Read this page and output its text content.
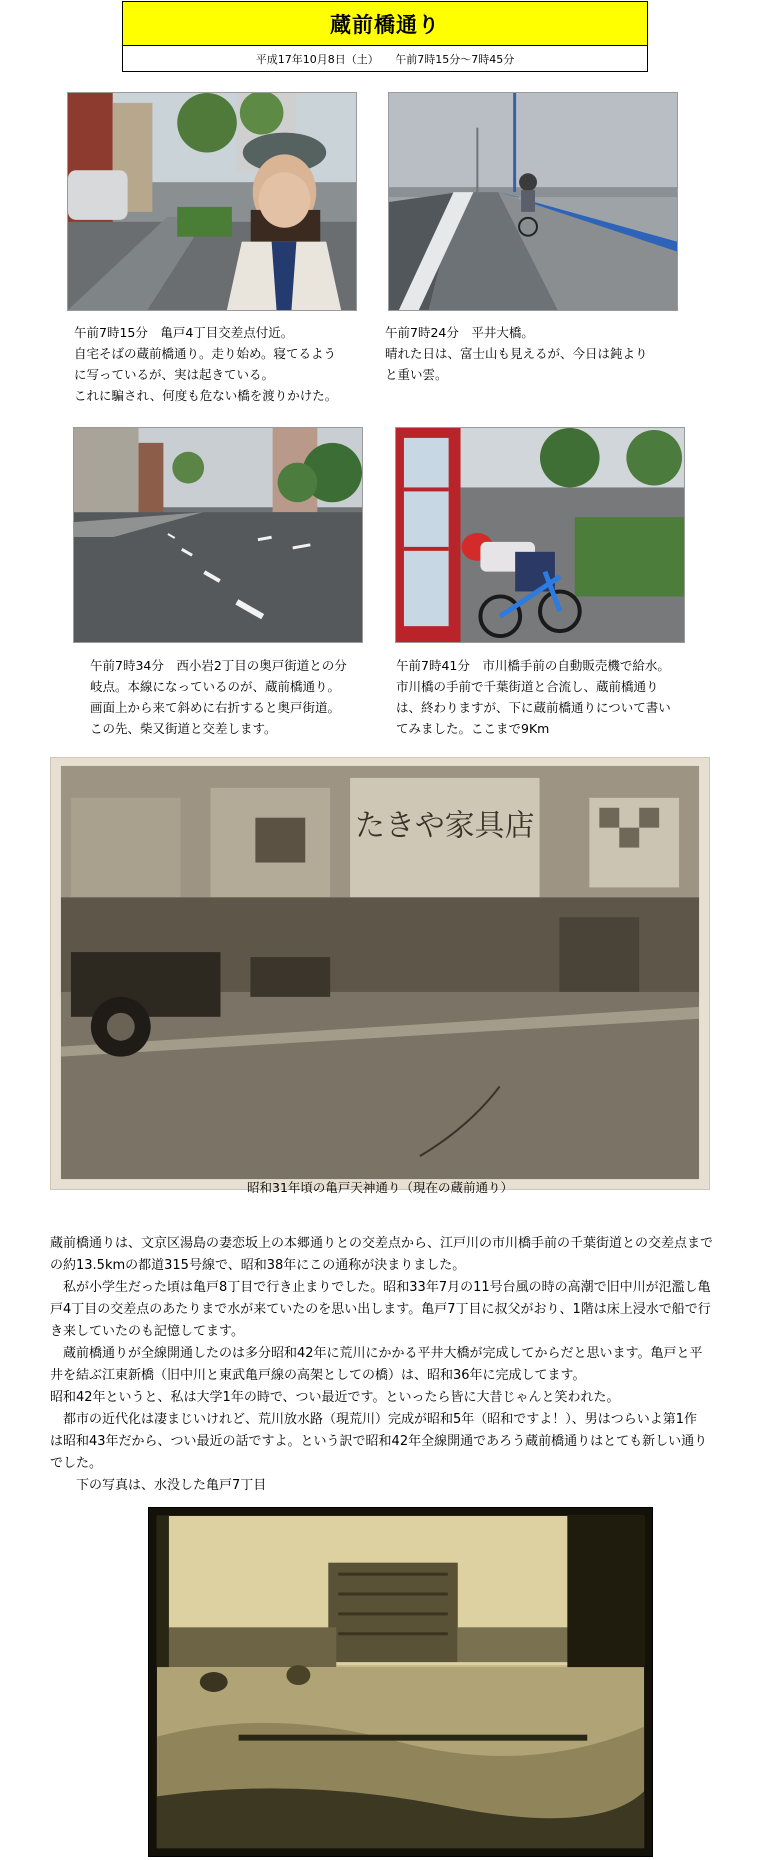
蔵前橋通り
平成17年10月8日（土）　　午前7時15分～7時45分
午前7時15分　亀戸4丁目交差点付近。
自宅そばの蔵前橋通り。走り始め。寝てるよう
に写っているが、実は起きている。
これに騙され、何度も危ない橋を渡りかけた。
午前7時24分　平井大橋。
晴れた日は、富士山も見えるが、今日は鈍より
と重い雲。
午前7時34分　西小岩2丁目の奥戸街道との分
岐点。本線になっているのが、蔵前橋通り。
画面上から来て斜めに右折すると奥戸街道。
この先、柴又街道と交差します。
午前7時41分　市川橋手前の自動販売機で給水。
市川橋の手前で千葉街道と合流し、蔵前橋通り
は、終わりますが、下に蔵前橋通りについて書い
てみました。ここまで9Km
たきや家具店
昭和31年頃の亀戸天神通り（現在の蔵前通り）

蔵前橋通りは、文京区湯島の妻恋坂上の本郷通りとの交差点から、江戸川の市川橋手前の千葉街道との交差点まで

の約13.5kmの都道315号線で、昭和38年にこの通称が決まりました。

　私が小学生だった頃は亀戸8丁目で行き止まりでした。昭和33年7月の11号台風の時の高潮で旧中川が氾濫し亀

戸4丁目の交差点のあたりまで水が来ていたのを思い出します。亀戸7丁目に叔父がおり、1階は床上浸水で船で行

き来していたのも記憶してます。

　蔵前橋通りが全線開通したのは多分昭和42年に荒川にかかる平井大橋が完成してからだと思います。亀戸と平

井を結ぶ江東新橋（旧中川と東武亀戸線の高架としての橋）は、昭和36年に完成してます。

昭和42年というと、私は大学1年の時で、つい最近です。といったら皆に大昔じゃんと笑われた。

　都市の近代化は凄まじいけれど、荒川放水路（現荒川）完成が昭和5年（昭和ですよ！）、男はつらいよ第1作

は昭和43年だから、つい最近の話ですよ。という訳で昭和42年全線開通であろう蔵前橋通りはとても新しい通り

でした。

　　下の写真は、水没した亀戸7丁目
